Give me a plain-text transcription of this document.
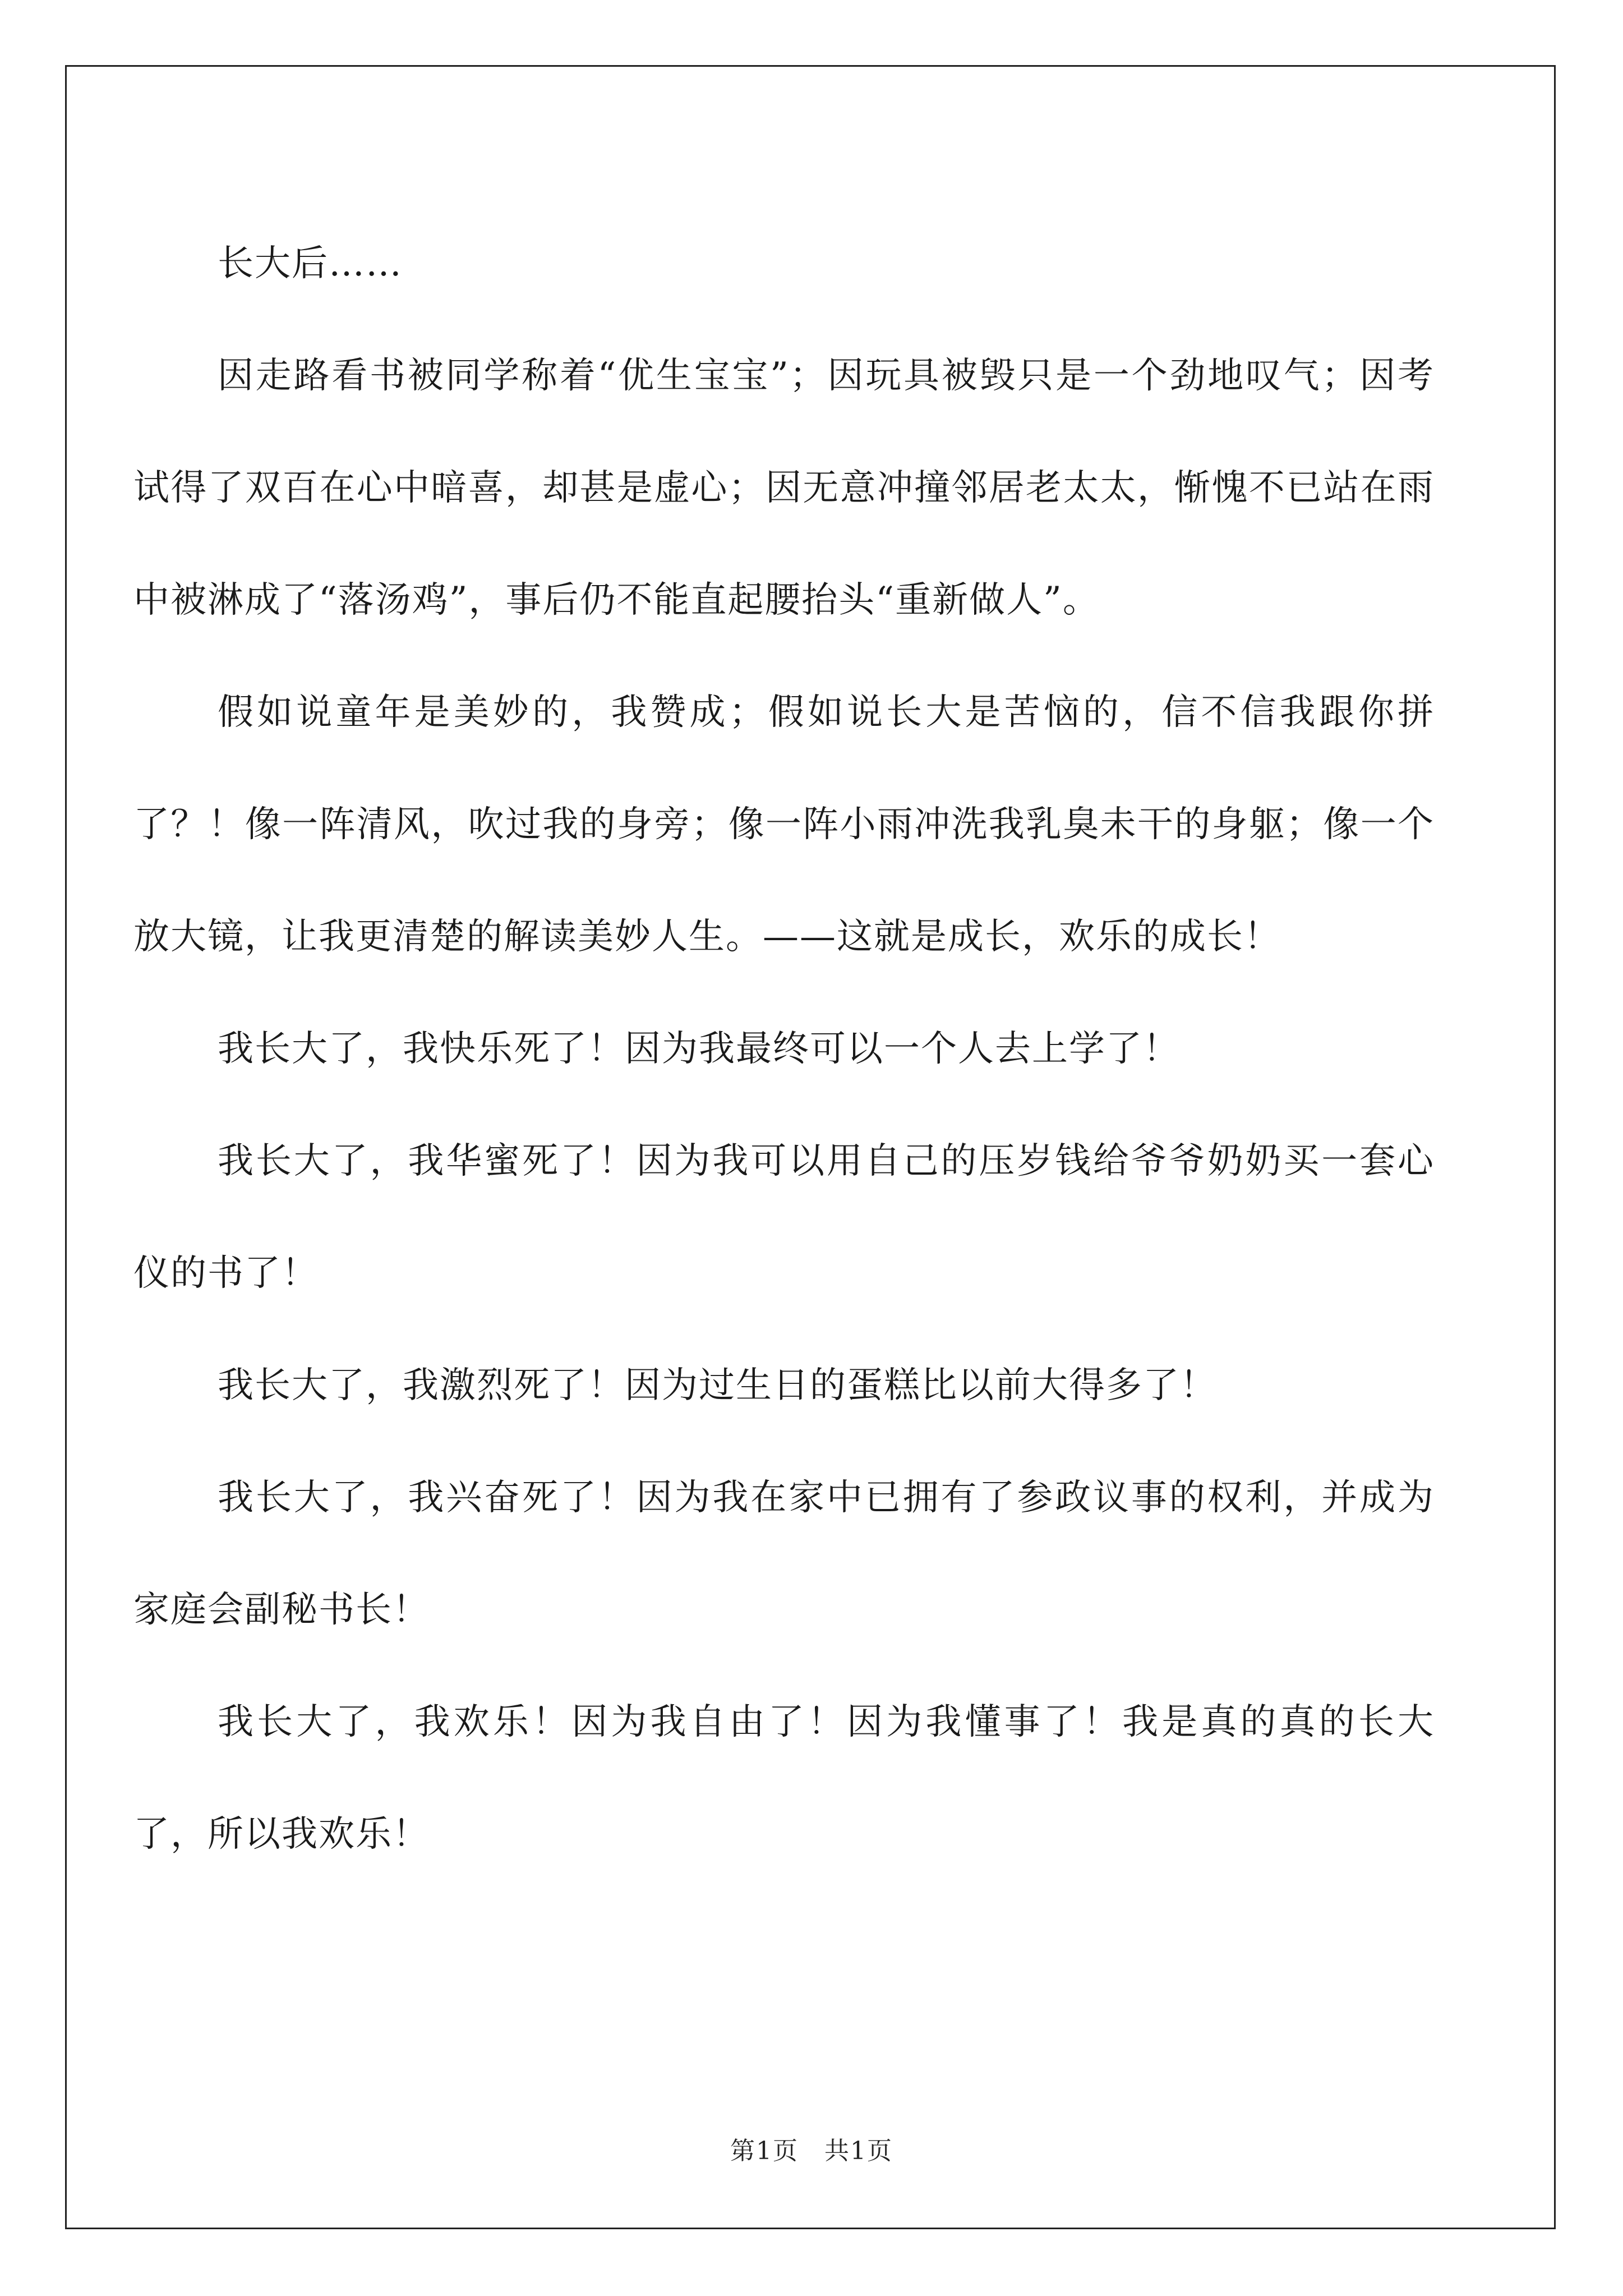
长大后……

因走路看书被同学称着“优生宝宝”；因玩具被毁只是一个劲地叹气；因考试得了双百在心中暗喜，却甚是虚心；因无意冲撞邻居老太太，惭愧不已站在雨中被淋成了“落汤鸡”，事后仍不能直起腰抬头“重新做人”。

假如说童年是美妙的，我赞成；假如说长大是苦恼的，信不信我跟你拼了？！像一阵清风，吹过我的身旁；像一阵小雨冲洗我乳臭未干的身躯；像一个放大镜，让我更清楚的解读美妙人生。——这就是成长，欢乐的成长！

我长大了，我快乐死了！因为我最终可以一个人去上学了！

我长大了，我华蜜死了！因为我可以用自己的压岁钱给爷爷奶奶买一套心仪的书了！

我长大了，我激烈死了！因为过生日的蛋糕比以前大得多了！

我长大了，我兴奋死了！因为我在家中已拥有了参政议事的权利，并成为家庭会副秘书长！

我长大了，我欢乐！因为我自由了！因为我懂事了！我是真的真的长大了，所以我欢乐！

第1页　共1页
